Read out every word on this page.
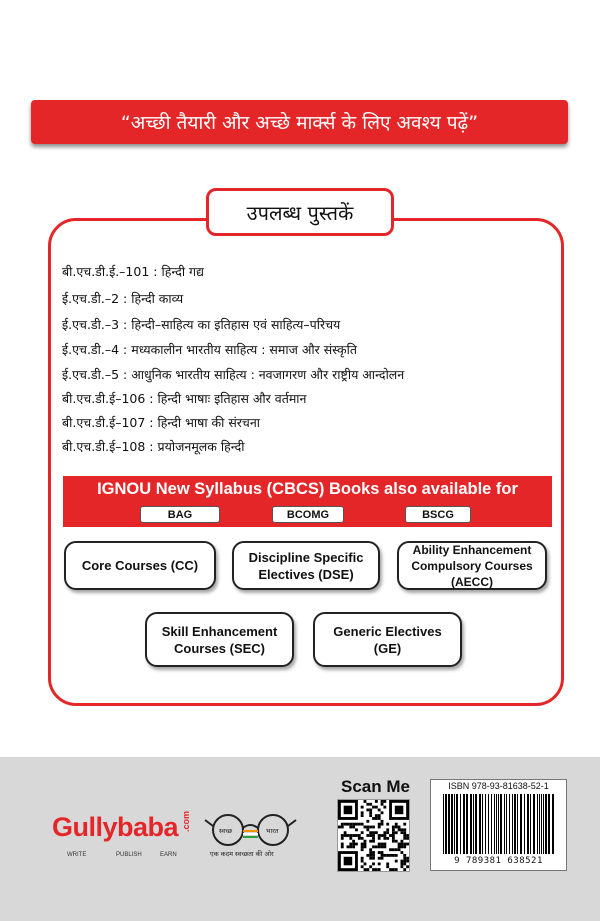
“अच्छी तैयारी और अच्छे मार्क्स के लिए अवश्य पढ़ें”
उपलब्ध पुस्तकें
बी.एच.डी.ई.–101 : हिन्दी गद्य
ई.एच.डी.–2 : हिन्दी काव्य
ई.एच.डी.–3 : हिन्दी–साहित्य का इतिहास एवं साहित्य–परिचय
ई.एच.डी.–4 : मध्यकालीन भारतीय साहित्य : समाज और संस्कृति
ई.एच.डी.–5 : आधुनिक भारतीय साहित्य : नवजागरण और राष्ट्रीय आन्दोलन
बी.एच.डी.ई–106 : हिन्दी भाषाः इतिहास और वर्तमान
बी.एच.डी.ई–107 : हिन्दी भाषा की संरचना
बी.एच.डी.ई–108 : प्रयोजनमूलक हिन्दी
IGNOU New Syllabus (CBCS) Books also available for
BAG	BCOMG	BSCG
Core Courses (CC)
Discipline Specific Electives (DSE)
Ability Enhancement Compulsory Courses (AECC)
Skill Enhancement Courses (SEC)
Generic Electives (GE)
Gullybaba .com
WRITE	PUBLISH	EARN
स्वच्छ	भारत
एक कदम स्वच्छता की ओर
Scan Me	ISBN 978-93-81638-52-1
9 789381 638521
